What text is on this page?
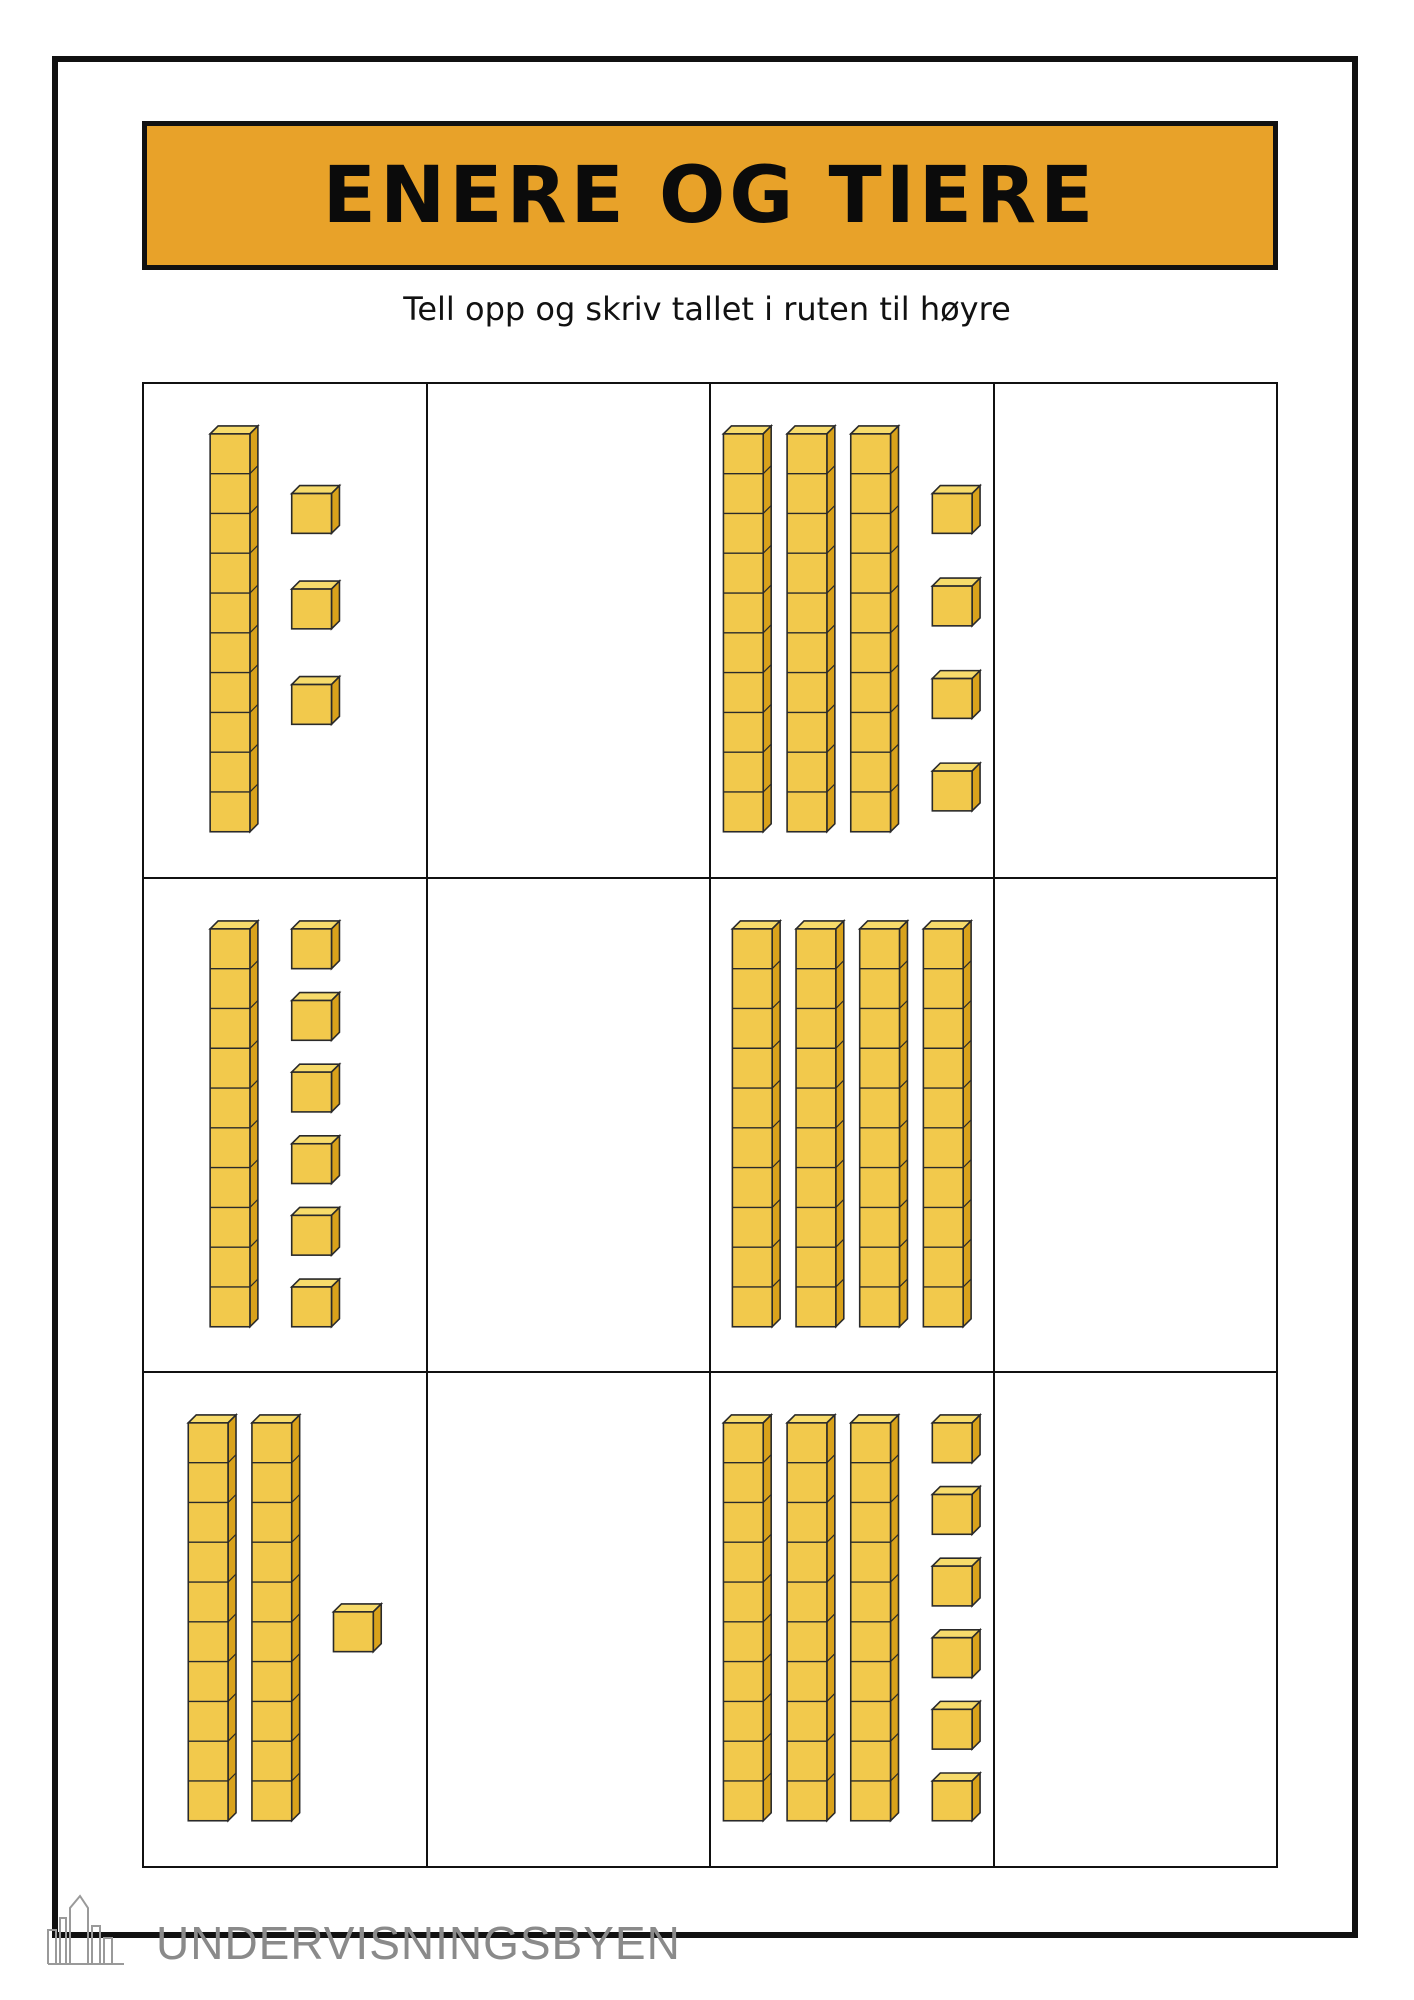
ENERE OG TIERE
Tell opp og skriv tallet i ruten til høyre
UNDERVISNINGSBYEN
